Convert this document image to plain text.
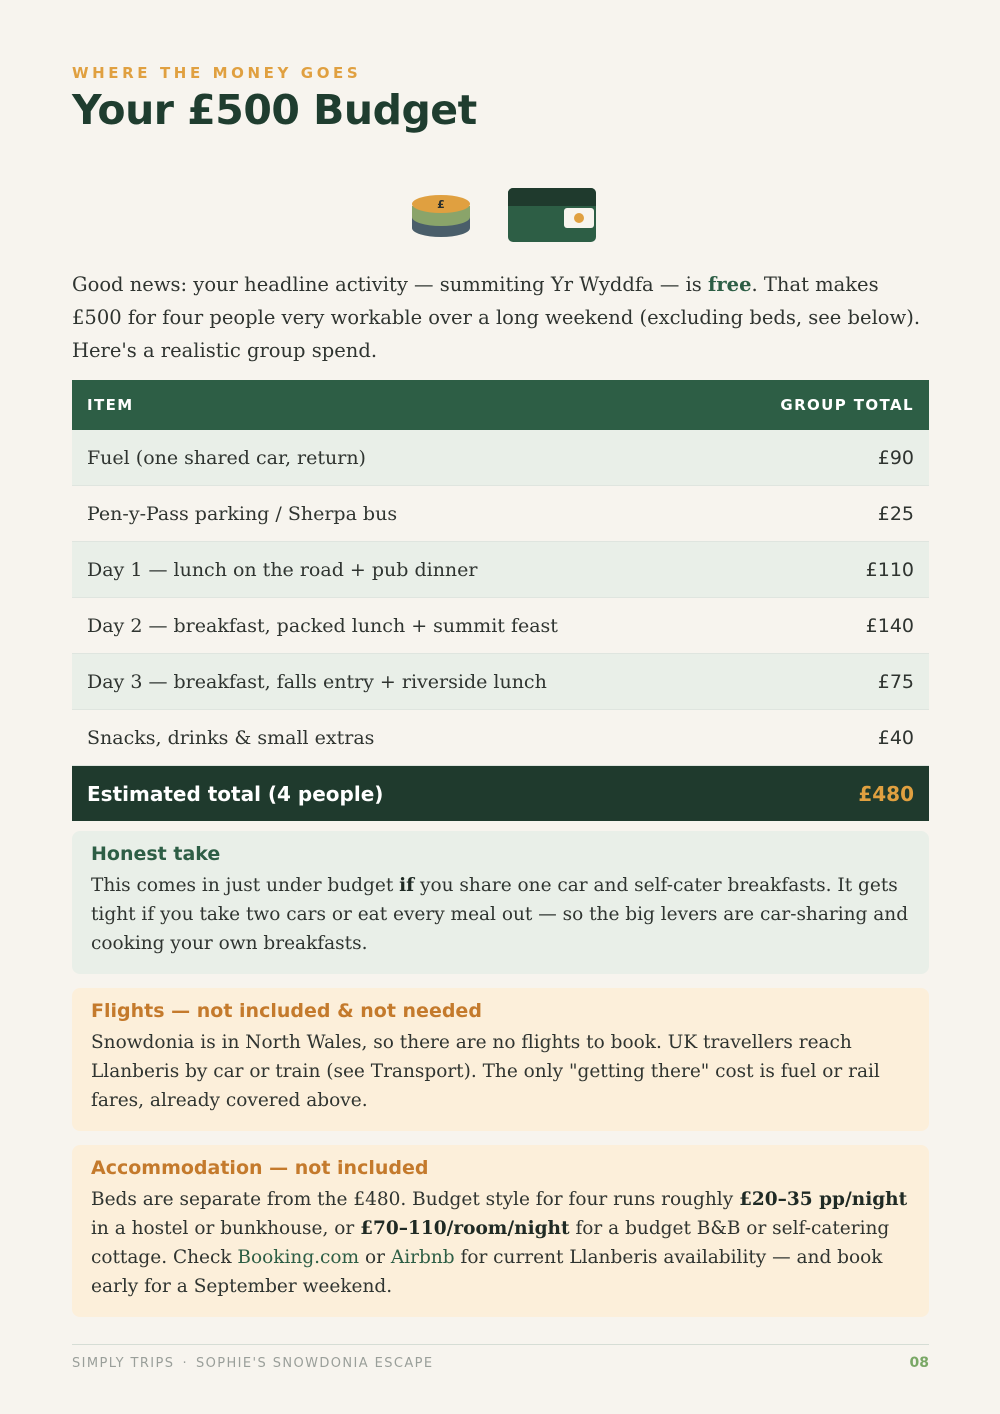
WHERE THE MONEY GOES
Your £500 Budget
£

Good news: your headline activity — summiting Yr Wyddfa — is free. That makes £500 for four people very workable over a long weekend (excluding beds, see below). Here's a realistic group spend.

ITEM	GROUP TOTAL
Fuel (one shared car, return)	£90
Pen-y-Pass parking / Sherpa bus	£25
Day 1 — lunch on the road + pub dinner	£110
Day 2 — breakfast, packed lunch + summit feast	£140
Day 3 — breakfast, falls entry + riverside lunch	£75
Snacks, drinks & small extras	£40
Estimated total (4 people)	£480
Honest take

This comes in just under budget if you share one car and self-cater breakfasts. It gets tight if you take two cars or eat every meal out — so the big levers are car-sharing and cooking your own breakfasts.

Flights — not included & not needed

Snowdonia is in North Wales, so there are no flights to book. UK travellers reach Llanberis by car or train (see Transport). The only "getting there" cost is fuel or rail fares, already covered above.

Accommodation — not included

Beds are separate from the £480. Budget style for four runs roughly £20–35 pp/night in a hostel or bunkhouse, or £70–110/room/night for a budget B&B or self-catering cottage. Check Booking.com or Airbnb for current Llanberis availability — and book early for a September weekend.

SIMPLY TRIPS · SOPHIE'S SNOWDONIA ESCAPE	08
